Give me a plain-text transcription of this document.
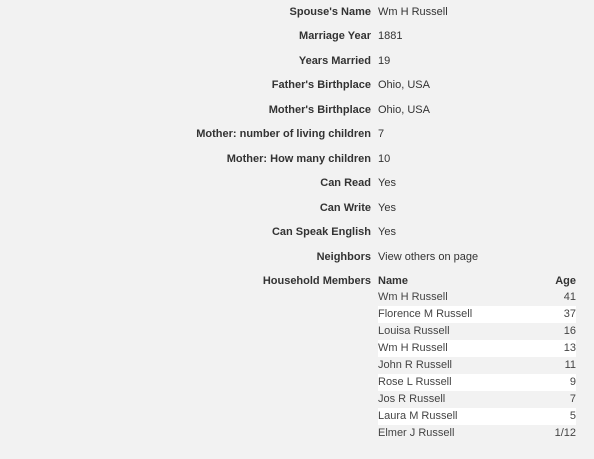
Spouse's Name Wm H Russell
Marriage Year 1881
Years Married 19
Father's Birthplace Ohio, USA
Mother's Birthplace Ohio, USA
Mother: number of living children 7
Mother: How many children 10
Can Read Yes
Can Write Yes
Can Speak English Yes
Neighbors View others on page
Household Members Name	Age
Wm H Russell	41
Florence M Russell	37
Louisa Russell	16
Wm H Russell	13
John R Russell	11
Rose L Russell	9
Jos R Russell	7
Laura M Russell	5
Elmer J Russell	1/12
